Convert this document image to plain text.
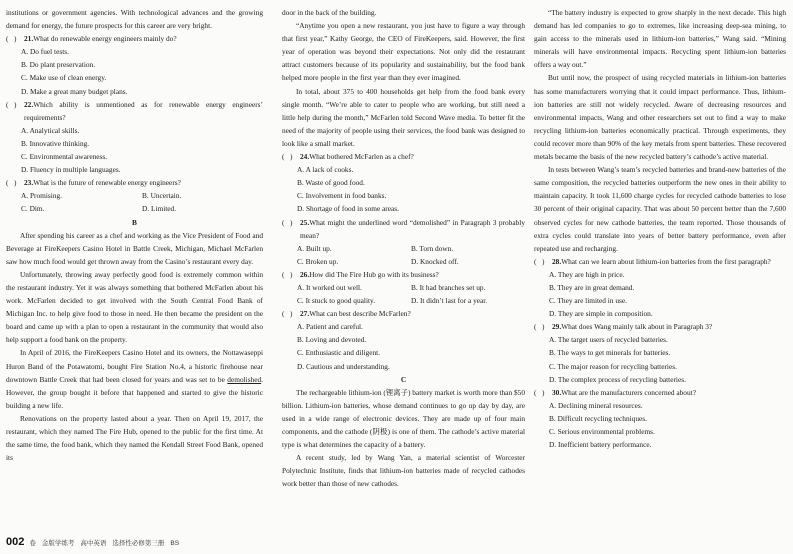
institutions or government agencies. With technological advances and the growing demand for energy, the future prospects for this career are very bright.

(   ) 21.What do renewable energy engineers mainly do?

A. Do fuel tests.

B. Do plant preservation.

C. Make use of clean energy.

D. Make a great many budget plans.

(   ) 22.Which ability is unmentioned as for renewable energy engineers’ requirements?

A. Analytical skills.

B. Innovative thinking.

C. Environmental awareness.

D. Fluency in multiple languages.

(   ) 23.What is the future of renewable energy engineers?
A. Promising.	B. Uncertain.
C. Dim.	D. Limited.

B

After spending his career as a chef and working as the Vice President of Food and Beverage at FireKeepers Casino Hotel in Battle Creek, Michigan, Michael McFarlen saw how much food would get thrown away from the Casino’s restaurant every day.

Unfortunately, throwing away perfectly good food is extremely common within the restaurant industry. Yet it was always something that bothered McFarlen about his work. McFarlen decided to get involved with the South Central Food Bank of Michigan Inc. to help give food to those in need. He then became the president on the board and came up with a plan to open a restaurant in the community that would also help support a food bank on the property.

In April of 2016, the FireKeepers Casino Hotel and its owners, the Nottawaseppi Huron Band of the Potawatomi, bought Fire Station No.4, a historic firehouse near downtown Battle Creek that had been closed for years and was set to be demolished. However, the group bought it before that happened and started to give the historic building a new life.

Renovations on the property lasted about a year. Then on April 19, 2017, the restaurant, which they named The Fire Hub, opened to the public for the first time. At the same time, the food bank, which they named the Kendall Street Food Bank, opened its

door in the back of the building.

“Anytime you open a new restaurant, you just have to figure a way through that first year,” Kathy George, the CEO of FireKeepers, said. However, the first year of operation was beyond their expectations. Not only did the restaurant attract customers because of its popularity and sustainability, but the food bank helped more people in the first year than they ever imagined.

In total, about 375 to 400 households get help from the food bank every single month. “We’re able to cater to people who are working, but still need a little help during the month,” McFarlen told Second Wave media. To better fit the need of the majority of people using their services, the food bank was designed to look like a small market.

(   ) 24.What bothered McFarlen as a chef?

A. A lack of cooks.

B. Waste of good food.

C. Involvement in food banks.

D. Shortage of food in some areas.

(   ) 25.What might the underlined word “demolished” in Paragraph 3 probably mean?
A. Built up.	B. Torn down.
C. Broken up.	D. Knocked off.
(   ) 26.How did The Fire Hub go with its business?
A. It worked out well.	B. It had branches set up.
C. It stuck to good quality.	D. It didn’t last for a year.
(   ) 27.What can best describe McFarlen?

A. Patient and careful.

B. Loving and devoted.

C. Enthusiastic and diligent.

D. Cautious and understanding.

C

The rechargeable lithium-ion (锂离子) battery market is worth more than $50 billion. Lithium-ion batteries, whose demand continues to go up day by day, are used in a wide range of electronic devices. They are made up of four main components, and the cathode (阴极) is one of them. The cathode’s active material type is what determines the capacity of a battery.

A recent study, led by Wang Yan, a material scientist of Worcester Polytechnic Institute, finds that lithium-ion batteries made of recycled cathodes work better than those of new cathodes.

“The battery industry is expected to grow sharply in the next decade. This high demand has led companies to go to extremes, like increasing deep-sea mining, to gain access to the minerals used in lithium-ion batteries,” Wang said. “Mining minerals will have environmental impacts. Recycling spent lithium-ion batteries offers a way out.”

But until now, the prospect of using recycled materials in lithium-ion batteries has some manufacturers worrying that it could impact performance. Thus, lithium-ion batteries are still not widely recycled. Aware of decreasing resources and environmental impacts, Wang and other researchers set out to find a way to make recycling lithium-ion batteries economically practical. Through experiments, they could recover more than 90% of the key metals from spent batteries. These recovered metals became the basis of the new recycled battery’s cathode’s active material.

In tests between Wang’s team’s recycled batteries and brand-new batteries of the same composition, the recycled batteries outperform the new ones in their ability to maintain capacity. It took 11,600 charge cycles for recycled cathode batteries to lose 30 percent of their original capacity. That was about 50 percent better than the 7,600 observed cycles for new cathode batteries, the team reported. Those thousands of extra cycles could translate into years of better battery performance, even after repeated use and recharging.

(   ) 28.What can we learn about lithium-ion batteries from the first paragraph?

A. They are high in price.

B. They are in great demand.

C. They are limited in use.

D. They are simple in composition.

(   ) 29.What does Wang mainly talk about in Paragraph 3?

A. The target users of recycled batteries.

B. The ways to get minerals for batteries.

C. The major reason for recycling batteries.

D. The complex process of recycling batteries.

(   ) 30.What are the manufacturers concerned about?

A. Declining mineral resources.

B. Difficult recycling techniques.

C. Serious environmental problems.

D. Inefficient battery performance.

002 卷 金版学练考 高中英语 选择性必修第三册 BS
